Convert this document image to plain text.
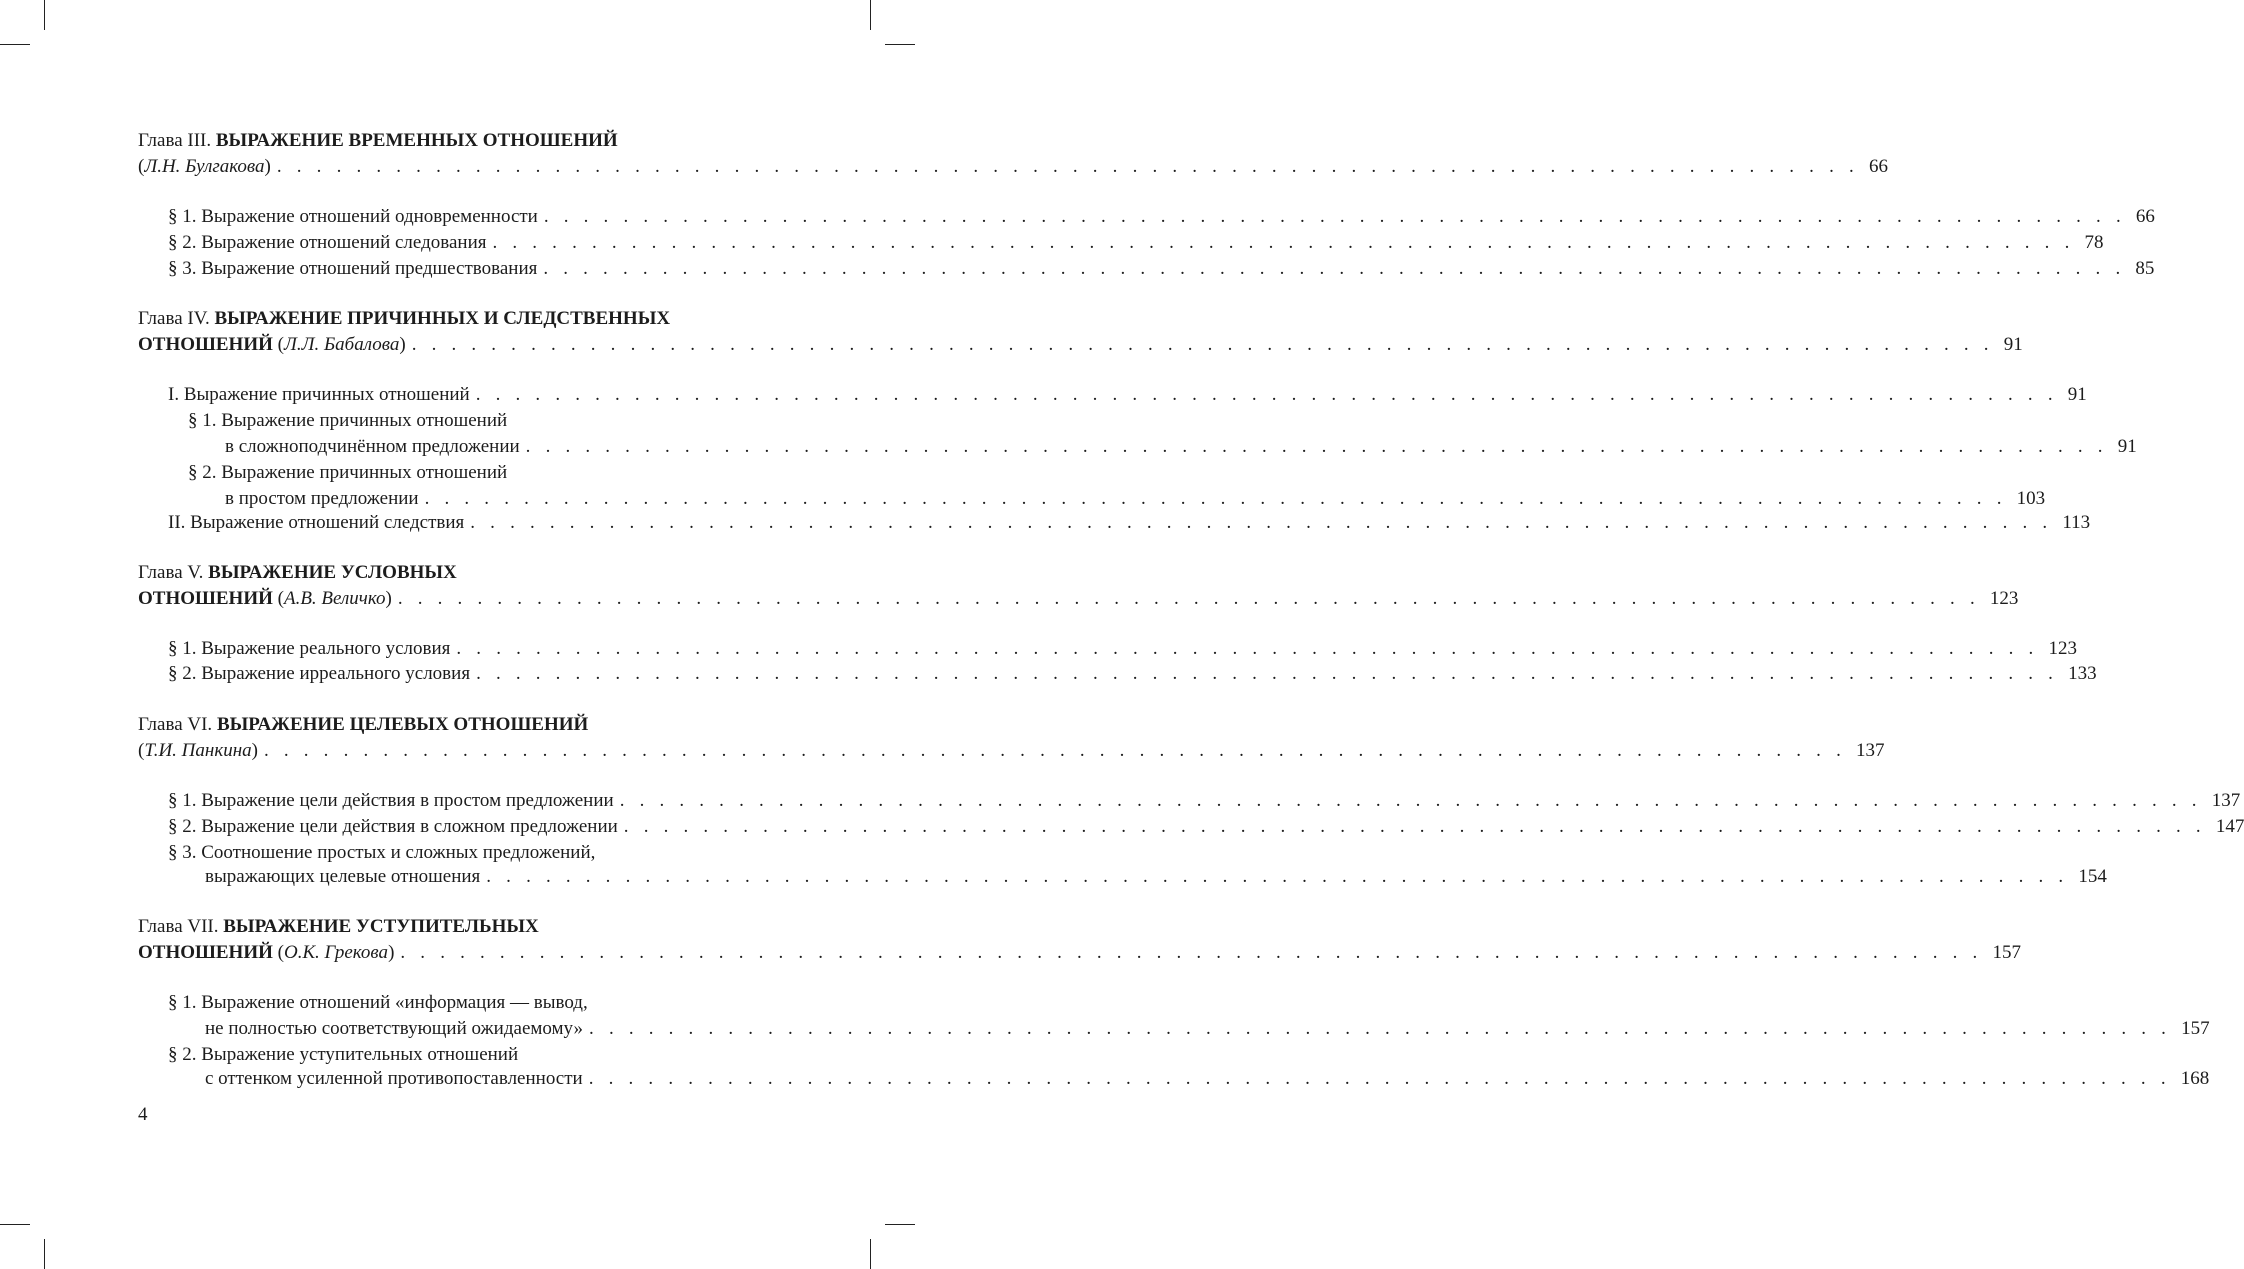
Глава III. ВЫРАЖЕНИЕ ВРЕМЕННЫХ ОТНОШЕНИЙ
(Л.Н. Булгакова) . . . . . . . . . . . . . . . . . . . . . . . . . . . . . . . . . . . . . . . . . . . . . . . . . . . . . . . . . . . . . . . . . . . . . . . . . . . . . . . . 66
§ 1. Выражение отношений одновременности . . . . . . . . . . . . . . . . . . . . . . . . . . . . . . . . . . . . . . . . . . . . . . . . . . . . . . . . . . . . . . . . . . . . . . . . . . . . . . . . 66
§ 2. Выражение отношений следования . . . . . . . . . . . . . . . . . . . . . . . . . . . . . . . . . . . . . . . . . . . . . . . . . . . . . . . . . . . . . . . . . . . . . . . . . . . . . . . . 78
§ 3. Выражение отношений предшествования . . . . . . . . . . . . . . . . . . . . . . . . . . . . . . . . . . . . . . . . . . . . . . . . . . . . . . . . . . . . . . . . . . . . . . . . . . . . . . . . 85
Глава IV. ВЫРАЖЕНИЕ ПРИЧИННЫХ И СЛЕДСТВЕННЫХ
ОТНОШЕНИЙ (Л.Л. Бабалова) . . . . . . . . . . . . . . . . . . . . . . . . . . . . . . . . . . . . . . . . . . . . . . . . . . . . . . . . . . . . . . . . . . . . . . . . . . . . . . . . 91
I. Выражение причинных отношений . . . . . . . . . . . . . . . . . . . . . . . . . . . . . . . . . . . . . . . . . . . . . . . . . . . . . . . . . . . . . . . . . . . . . . . . . . . . . . . . 91
§ 1. Выражение причинных отношений
в сложноподчинённом предложении . . . . . . . . . . . . . . . . . . . . . . . . . . . . . . . . . . . . . . . . . . . . . . . . . . . . . . . . . . . . . . . . . . . . . . . . . . . . . . . . 91
§ 2. Выражение причинных отношений
в простом предложении . . . . . . . . . . . . . . . . . . . . . . . . . . . . . . . . . . . . . . . . . . . . . . . . . . . . . . . . . . . . . . . . . . . . . . . . . . . . . . . . 103
II. Выражение отношений следствия . . . . . . . . . . . . . . . . . . . . . . . . . . . . . . . . . . . . . . . . . . . . . . . . . . . . . . . . . . . . . . . . . . . . . . . . . . . . . . . . 113
Глава V. ВЫРАЖЕНИЕ УСЛОВНЫХ
ОТНОШЕНИЙ (А.В. Величко) . . . . . . . . . . . . . . . . . . . . . . . . . . . . . . . . . . . . . . . . . . . . . . . . . . . . . . . . . . . . . . . . . . . . . . . . . . . . . . . . 123
§ 1. Выражение реального условия . . . . . . . . . . . . . . . . . . . . . . . . . . . . . . . . . . . . . . . . . . . . . . . . . . . . . . . . . . . . . . . . . . . . . . . . . . . . . . . . 123
§ 2. Выражение ирреального условия . . . . . . . . . . . . . . . . . . . . . . . . . . . . . . . . . . . . . . . . . . . . . . . . . . . . . . . . . . . . . . . . . . . . . . . . . . . . . . . . 133
Глава VI. ВЫРАЖЕНИЕ ЦЕЛЕВЫХ ОТНОШЕНИЙ
(Т.И. Панкина) . . . . . . . . . . . . . . . . . . . . . . . . . . . . . . . . . . . . . . . . . . . . . . . . . . . . . . . . . . . . . . . . . . . . . . . . . . . . . . . . 137
§ 1. Выражение цели действия в простом предложении . . . . . . . . . . . . . . . . . . . . . . . . . . . . . . . . . . . . . . . . . . . . . . . . . . . . . . . . . . . . . . . . . . . . . . . . . . . . . . . . 137
§ 2. Выражение цели действия в сложном предложении . . . . . . . . . . . . . . . . . . . . . . . . . . . . . . . . . . . . . . . . . . . . . . . . . . . . . . . . . . . . . . . . . . . . . . . . . . . . . . . . 147
§ 3. Соотношение простых и сложных предложений,
выражающих целевые отношения . . . . . . . . . . . . . . . . . . . . . . . . . . . . . . . . . . . . . . . . . . . . . . . . . . . . . . . . . . . . . . . . . . . . . . . . . . . . . . . . 154
Глава VII. ВЫРАЖЕНИЕ УСТУПИТЕЛЬНЫХ
ОТНОШЕНИЙ (О.К. Грекова) . . . . . . . . . . . . . . . . . . . . . . . . . . . . . . . . . . . . . . . . . . . . . . . . . . . . . . . . . . . . . . . . . . . . . . . . . . . . . . . . 157
§ 1. Выражение отношений «информация — вывод,
не полностью соответствующий ожидаемому» . . . . . . . . . . . . . . . . . . . . . . . . . . . . . . . . . . . . . . . . . . . . . . . . . . . . . . . . . . . . . . . . . . . . . . . . . . . . . . . . 157
§ 2. Выражение уступительных отношений
с оттенком усиленной противопоставленности . . . . . . . . . . . . . . . . . . . . . . . . . . . . . . . . . . . . . . . . . . . . . . . . . . . . . . . . . . . . . . . . . . . . . . . . . . . . . . . . 168
4
